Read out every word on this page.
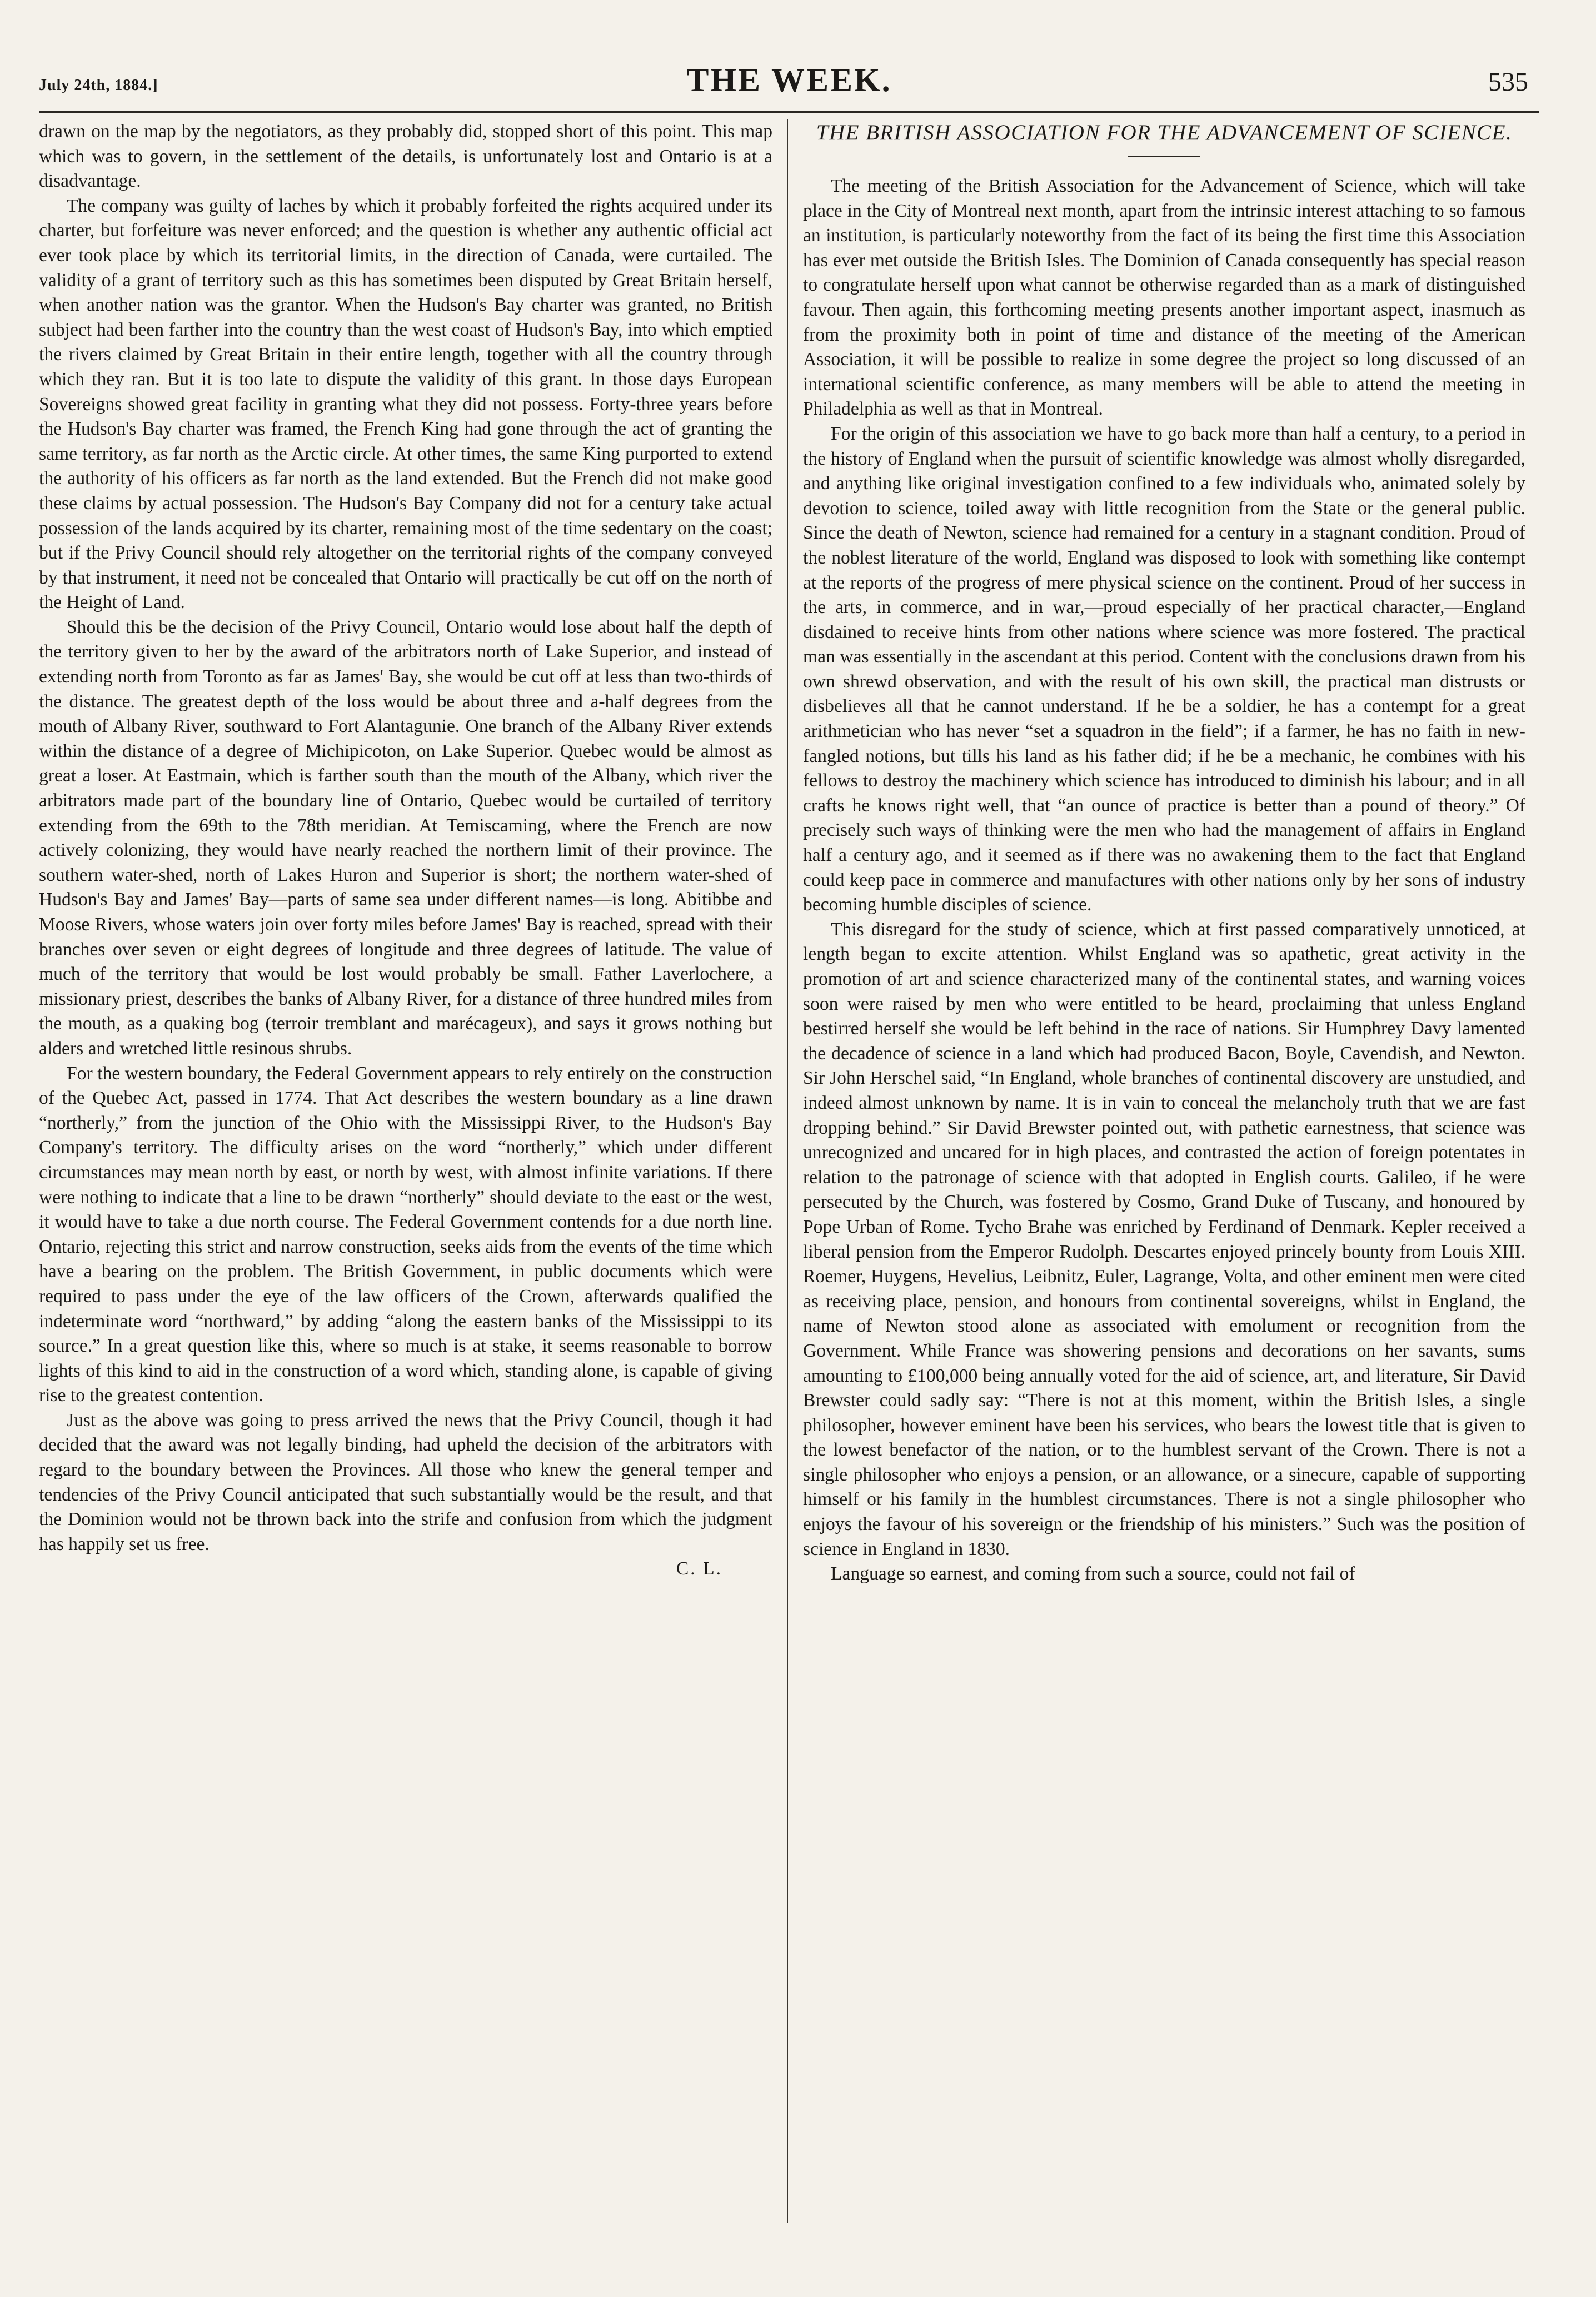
July 24th, 1884.]	THE WEEK.	535

drawn on the map by the negotiators, as they probably did, stopped short of this point. This map which was to govern, in the settlement of the details, is unfortunately lost and Ontario is at a disadvantage.

The company was guilty of laches by which it probably forfeited the rights acquired under its charter, but forfeiture was never enforced; and the question is whether any authentic official act ever took place by which its territorial limits, in the direction of Canada, were curtailed. The validity of a grant of territory such as this has sometimes been disputed by Great Britain herself, when another nation was the grantor. When the Hudson's Bay charter was granted, no British subject had been farther into the country than the west coast of Hudson's Bay, into which emptied the rivers claimed by Great Britain in their entire length, together with all the country through which they ran. But it is too late to dispute the validity of this grant. In those days European Sovereigns showed great facility in granting what they did not possess. Forty-three years before the Hudson's Bay charter was framed, the French King had gone through the act of granting the same territory, as far north as the Arctic circle. At other times, the same King purported to extend the authority of his officers as far north as the land extended. But the French did not make good these claims by actual possession. The Hudson's Bay Company did not for a century take actual possession of the lands acquired by its charter, remaining most of the time sedentary on the coast; but if the Privy Council should rely altogether on the territorial rights of the company conveyed by that instrument, it need not be concealed that Ontario will practically be cut off on the north of the Height of Land.

Should this be the decision of the Privy Council, Ontario would lose about half the depth of the territory given to her by the award of the arbitrators north of Lake Superior, and instead of extending north from Toronto as far as James' Bay, she would be cut off at less than two-thirds of the distance. The greatest depth of the loss would be about three and a-half degrees from the mouth of Albany River, southward to Fort Alantagunie. One branch of the Albany River extends within the distance of a degree of Michipicoton, on Lake Superior. Quebec would be almost as great a loser. At Eastmain, which is farther south than the mouth of the Albany, which river the arbitrators made part of the boundary line of Ontario, Quebec would be curtailed of territory extending from the 69th to the 78th meridian. At Temiscaming, where the French are now actively colonizing, they would have nearly reached the northern limit of their province. The southern water-shed, north of Lakes Huron and Superior is short; the northern water-shed of Hudson's Bay and James' Bay—parts of same sea under different names—is long. Abitibbe and Moose Rivers, whose waters join over forty miles before James' Bay is reached, spread with their branches over seven or eight degrees of longitude and three degrees of latitude. The value of much of the territory that would be lost would probably be small. Father Laverlochere, a missionary priest, describes the banks of Albany River, for a distance of three hundred miles from the mouth, as a quaking bog (terroir tremblant and marécageux), and says it grows nothing but alders and wretched little resinous shrubs.

For the western boundary, the Federal Government appears to rely entirely on the construction of the Quebec Act, passed in 1774. That Act describes the western boundary as a line drawn “northerly,” from the junction of the Ohio with the Mississippi River, to the Hudson's Bay Company's territory. The difficulty arises on the word “northerly,” which under different circumstances may mean north by east, or north by west, with almost infinite variations. If there were nothing to indicate that a line to be drawn “northerly” should deviate to the east or the west, it would have to take a due north course. The Federal Government contends for a due north line. Ontario, rejecting this strict and narrow construction, seeks aids from the events of the time which have a bearing on the problem. The British Government, in public documents which were required to pass under the eye of the law officers of the Crown, afterwards qualified the indeterminate word “northward,” by adding “along the eastern banks of the Mississippi to its source.” In a great question like this, where so much is at stake, it seems reasonable to borrow lights of this kind to aid in the construction of a word which, standing alone, is capable of giving rise to the greatest contention.

Just as the above was going to press arrived the news that the Privy Council, though it had decided that the award was not legally binding, had upheld the decision of the arbitrators with regard to the boundary between the Provinces. All those who knew the general temper and tendencies of the Privy Council anticipated that such substantially would be the result, and that the Dominion would not be thrown back into the strife and confusion from which the judgment has happily set us free.

C. L.
THE BRITISH ASSOCIATION FOR THE ADVANCEMENT OF SCIENCE.

The meeting of the British Association for the Advancement of Science, which will take place in the City of Montreal next month, apart from the intrinsic interest attaching to so famous an institution, is particularly noteworthy from the fact of its being the first time this Association has ever met outside the British Isles. The Dominion of Canada consequently has special reason to congratulate herself upon what cannot be otherwise regarded than as a mark of distinguished favour. Then again, this forthcoming meeting presents another important aspect, inasmuch as from the proximity both in point of time and distance of the meeting of the American Association, it will be possible to realize in some degree the project so long discussed of an international scientific conference, as many members will be able to attend the meeting in Philadelphia as well as that in Montreal.

For the origin of this association we have to go back more than half a century, to a period in the history of England when the pursuit of scientific knowledge was almost wholly disregarded, and anything like original investigation confined to a few individuals who, animated solely by devotion to science, toiled away with little recognition from the State or the general public. Since the death of Newton, science had remained for a century in a stagnant condition. Proud of the noblest literature of the world, England was disposed to look with something like contempt at the reports of the progress of mere physical science on the continent. Proud of her success in the arts, in commerce, and in war,—proud especially of her practical character,—England disdained to receive hints from other nations where science was more fostered. The practical man was essentially in the ascendant at this period. Content with the conclusions drawn from his own shrewd observation, and with the result of his own skill, the practical man distrusts or disbelieves all that he cannot understand. If he be a soldier, he has a contempt for a great arithmetician who has never “set a squadron in the field”; if a farmer, he has no faith in new-fangled notions, but tills his land as his father did; if he be a mechanic, he combines with his fellows to destroy the machinery which science has introduced to diminish his labour; and in all crafts he knows right well, that “an ounce of practice is better than a pound of theory.” Of precisely such ways of thinking were the men who had the management of affairs in England half a century ago, and it seemed as if there was no awakening them to the fact that England could keep pace in commerce and manufactures with other nations only by her sons of industry becoming humble disciples of science.

This disregard for the study of science, which at first passed comparatively unnoticed, at length began to excite attention. Whilst England was so apathetic, great activity in the promotion of art and science characterized many of the continental states, and warning voices soon were raised by men who were entitled to be heard, proclaiming that unless England bestirred herself she would be left behind in the race of nations. Sir Humphrey Davy lamented the decadence of science in a land which had produced Bacon, Boyle, Cavendish, and Newton. Sir John Herschel said, “In England, whole branches of continental discovery are unstudied, and indeed almost unknown by name. It is in vain to conceal the melancholy truth that we are fast dropping behind.” Sir David Brewster pointed out, with pathetic earnestness, that science was unrecognized and uncared for in high places, and contrasted the action of foreign potentates in relation to the patronage of science with that adopted in English courts. Galileo, if he were persecuted by the Church, was fostered by Cosmo, Grand Duke of Tuscany, and honoured by Pope Urban of Rome. Tycho Brahe was enriched by Ferdinand of Denmark. Kepler received a liberal pension from the Emperor Rudolph. Descartes enjoyed princely bounty from Louis XIII. Roemer, Huygens, Hevelius, Leibnitz, Euler, Lagrange, Volta, and other eminent men were cited as receiving place, pension, and honours from continental sovereigns, whilst in England, the name of Newton stood alone as associated with emolument or recognition from the Government. While France was showering pensions and decorations on her savants, sums amounting to £100,000 being annually voted for the aid of science, art, and literature, Sir David Brewster could sadly say: “There is not at this moment, within the British Isles, a single philosopher, however eminent have been his services, who bears the lowest title that is given to the lowest benefactor of the nation, or to the humblest servant of the Crown. There is not a single philosopher who enjoys a pension, or an allowance, or a sinecure, capable of supporting himself or his family in the humblest circumstances. There is not a single philosopher who enjoys the favour of his sovereign or the friendship of his ministers.” Such was the position of science in England in 1830.

Language so earnest, and coming from such a source, could not fail of
